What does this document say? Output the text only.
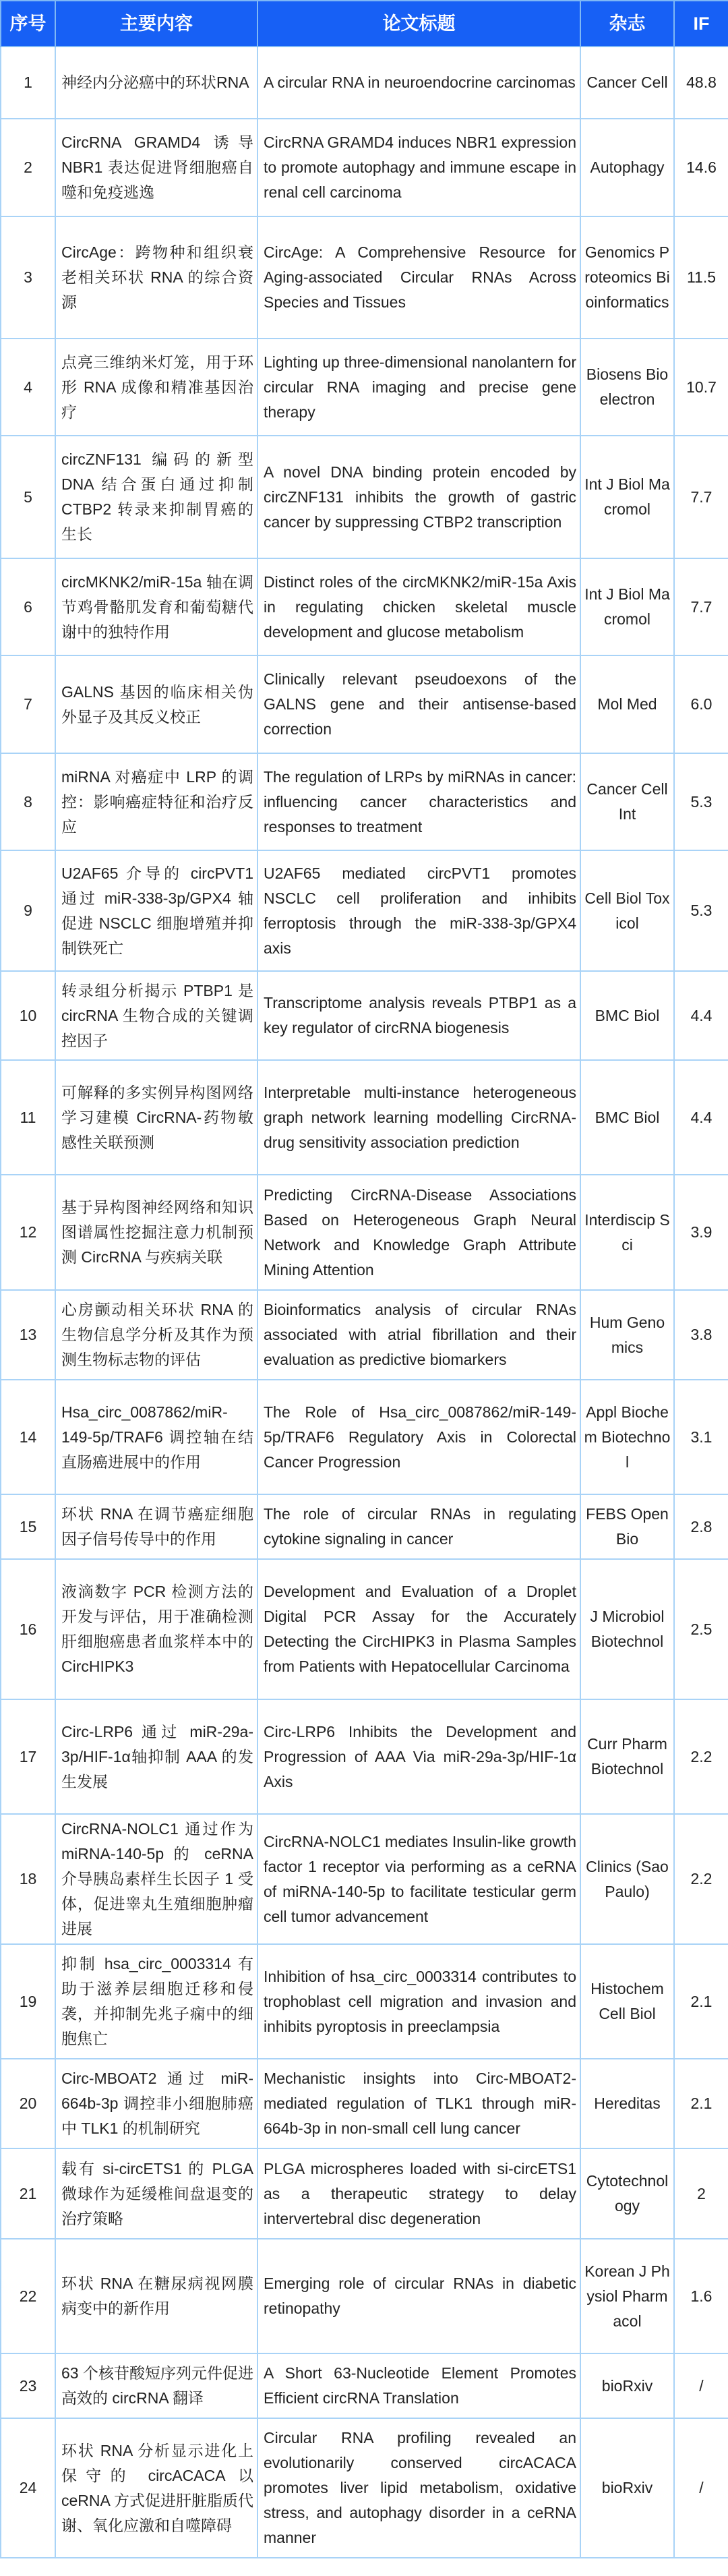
序号	主要内容	论文标题	杂志	IF
1	神经内分泌癌中的环状RNA	A circular RNA in neuroendocrine carcinomas	Cancer Cell	48.8
2	CircRNA GRAMD4 诱导 NBR1 表达促进肾细胞癌自噬和免疫逃逸	CircRNA GRAMD4 induces NBR1 expression to promote autophagy and immune escape in renal cell carcinoma	Autophagy	14.6
3	CircAge：跨物种和组织衰老相关环状 RNA 的综合资源	CircAge: A Comprehensive Resource for Aging-associated Circular RNAs Across Species and Tissues	Genomics Proteomics Bioinformatics	11.5
4	点亮三维纳米灯笼，用于环形 RNA 成像和精准基因治疗	Lighting up three-dimensional nanolantern for circular RNA imaging and precise gene therapy	Biosens Bioelectron	10.7
5	circZNF131 编码的新型 DNA 结合蛋白通过抑制 CTBP2 转录来抑制胃癌的生长	A novel DNA binding protein encoded by circZNF131 inhibits the growth of gastric cancer by suppressing CTBP2 transcription	Int J Biol Macromol	7.7
6	circMKNK2/miR-15a 轴在调节鸡骨骼肌发育和葡萄糖代谢中的独特作用	Distinct roles of the circMKNK2/miR-15a Axis in regulating chicken skeletal muscle development and glucose metabolism	Int J Biol Macromol	7.7
7	GALNS 基因的临床相关伪外显子及其反义校正	Clinically relevant pseudoexons of the GALNS gene and their antisense-based correction	Mol Med	6.0
8	miRNA 对癌症中 LRP 的调控：影响癌症特征和治疗反应	The regulation of LRPs by miRNAs in cancer: influencing cancer characteristics and responses to treatment	Cancer Cell Int	5.3
9	U2AF65 介导的 circPVT1 通过 miR-338-3p/GPX4 轴促进 NSCLC 细胞增殖并抑制铁死亡	U2AF65 mediated circPVT1 promotes NSCLC cell proliferation and inhibits ferroptosis through the miR-338-3p/GPX4 axis	Cell Biol Toxicol	5.3
10	转录组分析揭示 PTBP1 是 circRNA 生物合成的关键调控因子	Transcriptome analysis reveals PTBP1 as a key regulator of circRNA biogenesis	BMC Biol	4.4
11	可解释的多实例异构图网络学习建模 CircRNA-药物敏感性关联预测	Interpretable multi-instance heterogeneous graph network learning modelling CircRNA-drug sensitivity association prediction	BMC Biol	4.4
12	基于异构图神经网络和知识图谱属性挖掘注意力机制预测 CircRNA 与疾病关联	Predicting CircRNA-Disease Associations Based on Heterogeneous Graph Neural Network and Knowledge Graph Attribute Mining Attention	Interdiscip Sci	3.9
13	心房颤动相关环状 RNA 的生物信息学分析及其作为预测生物标志物的评估	Bioinformatics analysis of circular RNAs associated with atrial fibrillation and their evaluation as predictive biomarkers	Hum Genomics	3.8
14	Hsa_circ_0087862/miR-149-5p/TRAF6 调控轴在结直肠癌进展中的作用	The Role of Hsa_circ_0087862/miR-149-5p/TRAF6 Regulatory Axis in Colorectal Cancer Progression	Appl Biochem Biotechnol	3.1
15	环状 RNA 在调节癌症细胞因子信号传导中的作用	The role of circular RNAs in regulating cytokine signaling in cancer	FEBS Open Bio	2.8
16	液滴数字 PCR 检测方法的开发与评估，用于准确检测肝细胞癌患者血浆样本中的 CircHIPK3	Development and Evaluation of a Droplet Digital PCR Assay for the Accurately Detecting the CircHIPK3 in Plasma Samples from Patients with Hepatocellular Carcinoma	J Microbiol Biotechnol	2.5
17	Circ-LRP6 通过 miR-29a-3p/HIF-1α轴抑制 AAA 的发生发展	Circ-LRP6 Inhibits the Development and Progression of AAA Via miR-29a-3p/HIF-1α Axis	Curr Pharm Biotechnol	2.2
18	CircRNA-NOLC1 通过作为 miRNA-140-5p 的 ceRNA 介导胰岛素样生长因子 1 受体，促进睾丸生殖细胞肿瘤进展	CircRNA-NOLC1 mediates Insulin-like growth factor 1 receptor via performing as a ceRNA of miRNA-140-5p to facilitate testicular germ cell tumor advancement	Clinics (Sao Paulo)	2.2
19	抑制 hsa_circ_0003314 有助于滋养层细胞迁移和侵袭，并抑制先兆子痫中的细胞焦亡	Inhibition of hsa_circ_0003314 contributes to trophoblast cell migration and invasion and inhibits pyroptosis in preeclampsia	Histochem Cell Biol	2.1
20	Circ-MBOAT2 通过 miR-664b-3p 调控非小细胞肺癌中 TLK1 的机制研究	Mechanistic insights into Circ-MBOAT2-mediated regulation of TLK1 through miR-664b-3p in non-small cell lung cancer	Hereditas	2.1
21	载有 si-circETS1 的 PLGA 微球作为延缓椎间盘退变的治疗策略	PLGA microspheres loaded with si-circETS1 as a therapeutic strategy to delay intervertebral disc degeneration	Cytotechnology	2
22	环状 RNA 在糖尿病视网膜病变中的新作用	Emerging role of circular RNAs in diabetic retinopathy	Korean J Physiol Pharmacol	1.6
23	63 个核苷酸短序列元件促进高效的 circRNA 翻译	A Short 63-Nucleotide Element Promotes Efficient circRNA Translation	bioRxiv	/
24	环状 RNA 分析显示进化上保守的 circACACA 以 ceRNA 方式促进肝脏脂质代谢、氧化应激和自噬障碍	Circular RNA profiling revealed an evolutionarily conserved circACACA promotes liver lipid metabolism, oxidative stress, and autophagy disorder in a ceRNA manner	bioRxiv	/
